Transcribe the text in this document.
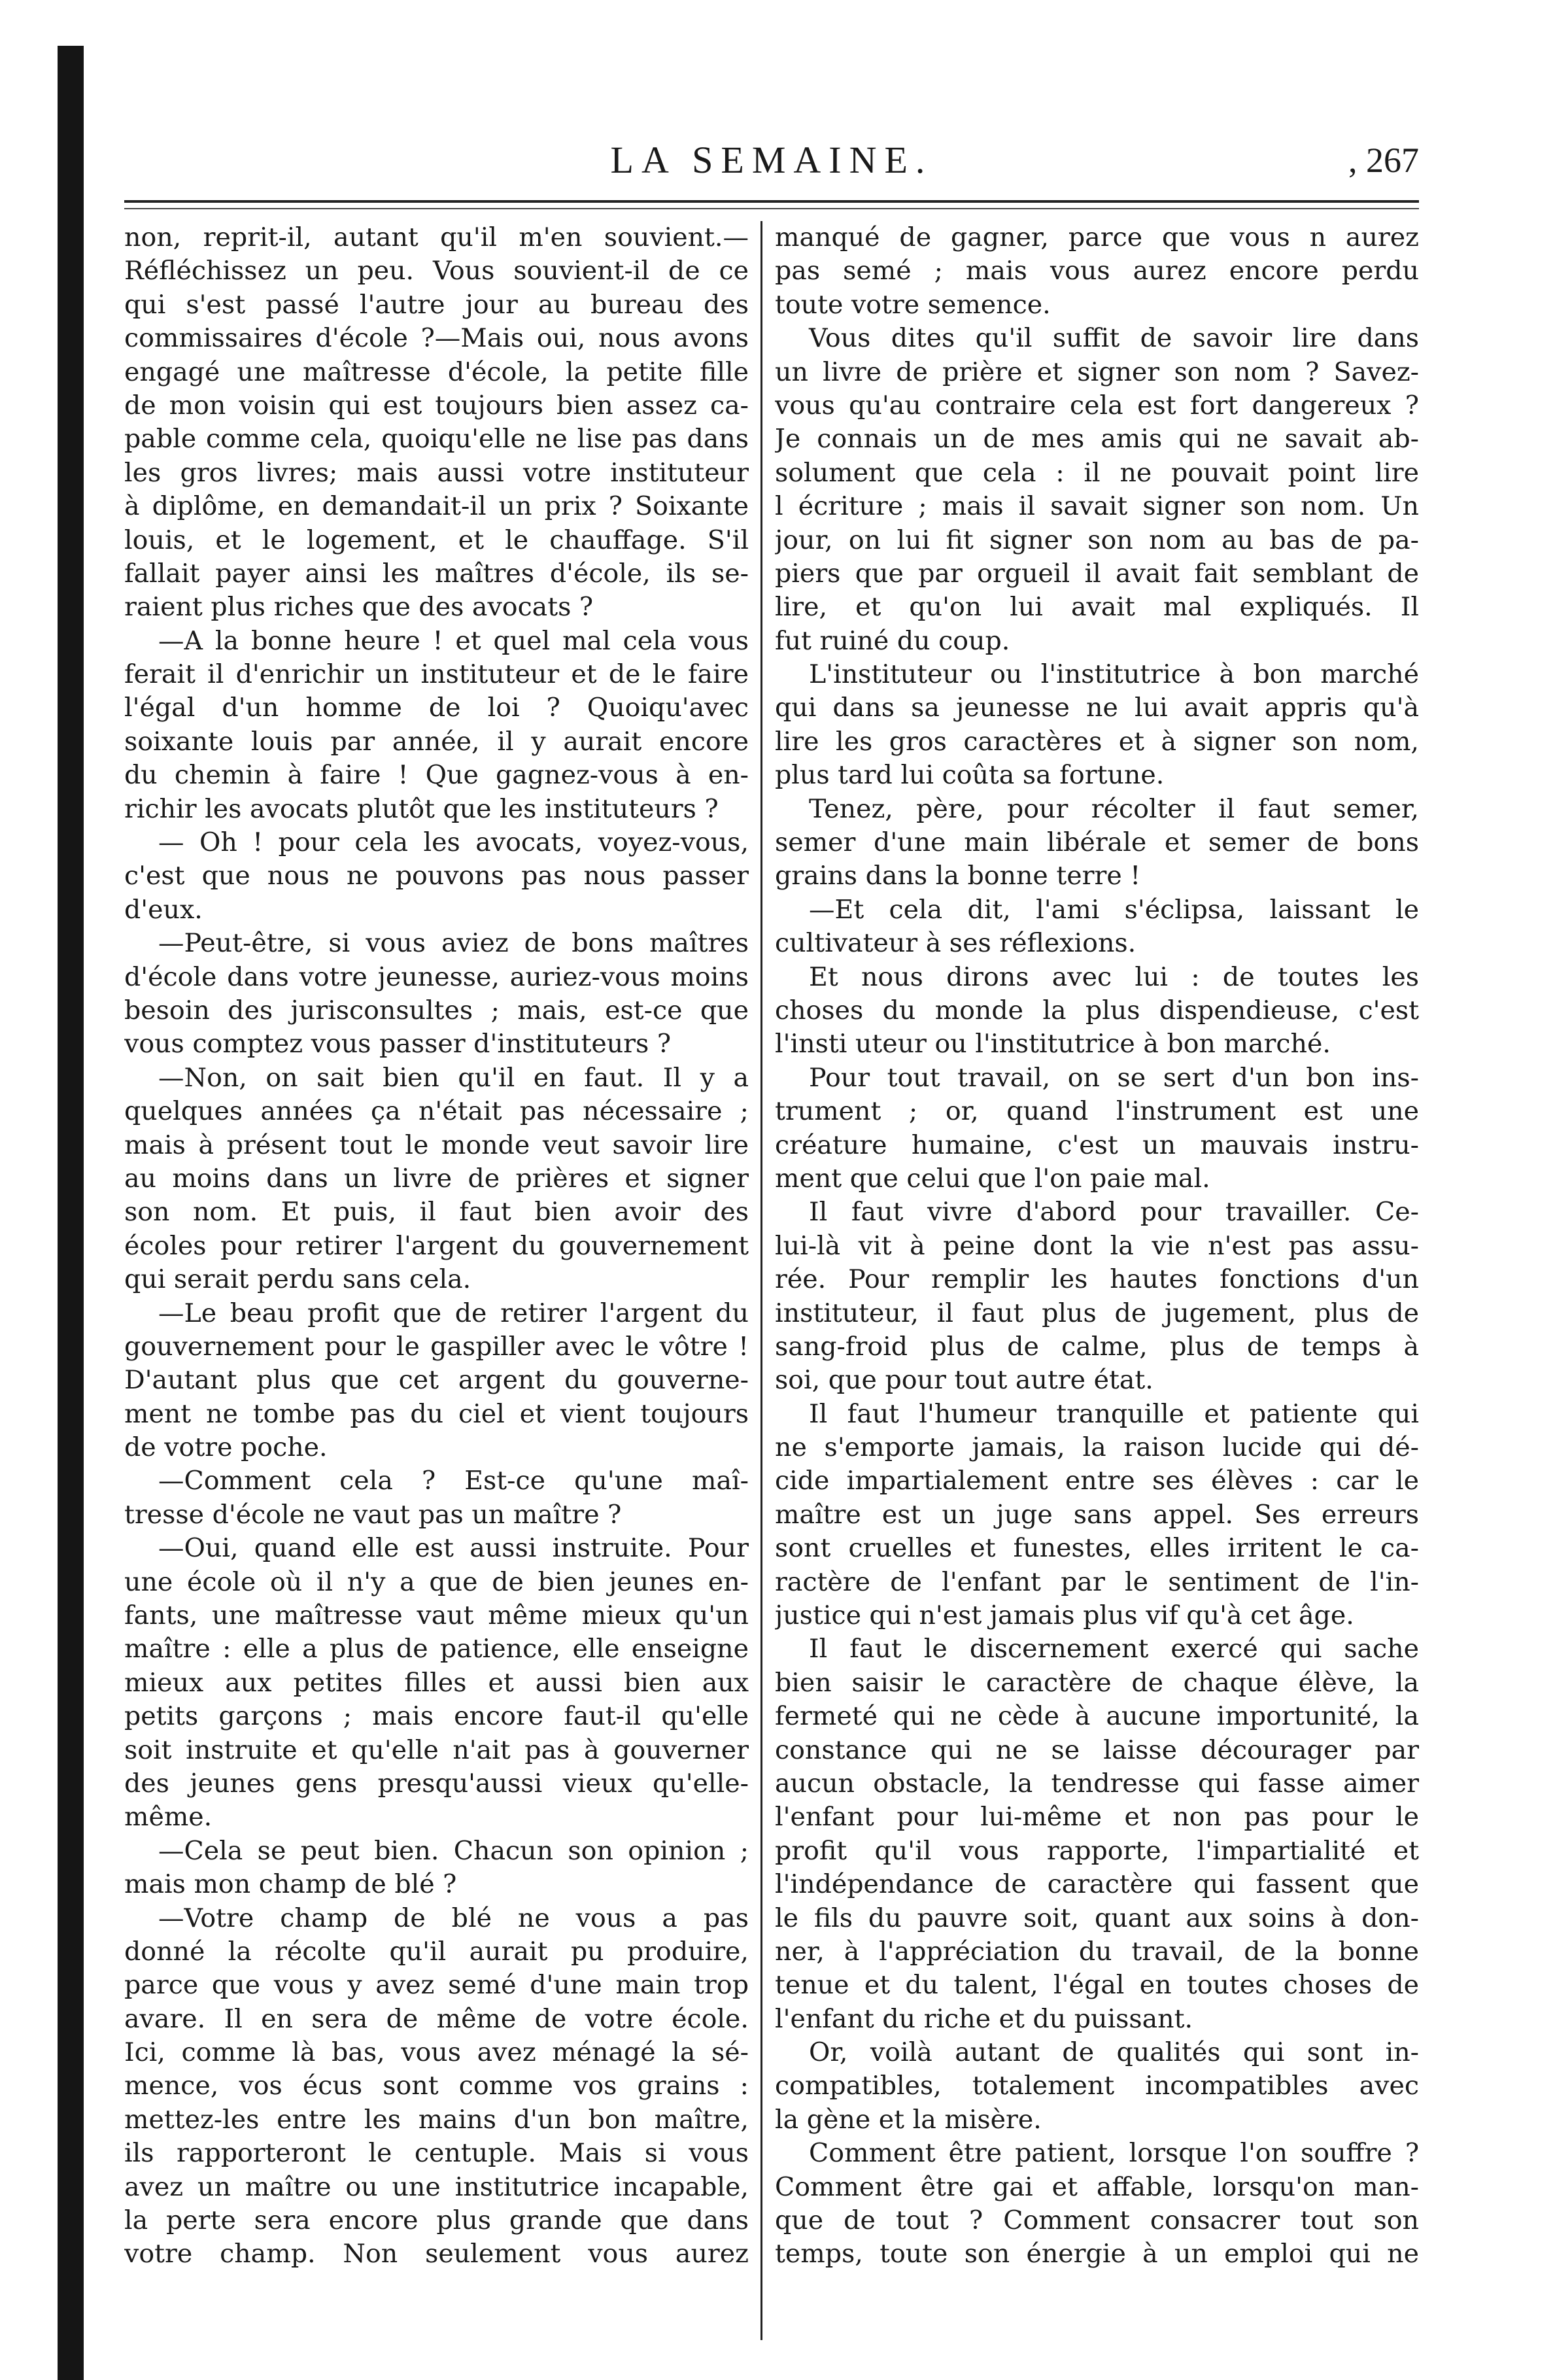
LA SEMAINE.	, 267
non, reprit-il, autant qu'il m'en souvient.—
Réfléchissez un peu. Vous souvient-il de ce
qui s'est passé l'autre jour au bureau des
commissaires d'école ?—Mais oui, nous avons
engagé une maîtresse d'école, la petite fille
de mon voisin qui est toujours bien assez ca-
pable comme cela, quoiqu'elle ne lise pas dans
les gros livres; mais aussi votre instituteur
à diplôme, en demandait-il un prix ? Soixante
louis, et le logement, et le chauffage. S'il
fallait payer ainsi les maîtres d'école, ils se-
raient plus riches que des avocats ?
—A la bonne heure ! et quel mal cela vous
ferait il d'enrichir un instituteur et de le faire
l'égal d'un homme de loi ? Quoiqu'avec
soixante louis par année, il y aurait encore
du chemin à faire ! Que gagnez-vous à en-
richir les avocats plutôt que les instituteurs ?
— Oh ! pour cela les avocats, voyez-vous,
c'est que nous ne pouvons pas nous passer
d'eux.
—Peut-être, si vous aviez de bons maîtres
d'école dans votre jeunesse, auriez-vous moins
besoin des jurisconsultes ; mais, est-ce que
vous comptez vous passer d'instituteurs ?
—Non, on sait bien qu'il en faut. Il y a
quelques années ça n'était pas nécessaire ;
mais à présent tout le monde veut savoir lire
au moins dans un livre de prières et signer
son nom. Et puis, il faut bien avoir des
écoles pour retirer l'argent du gouvernement
qui serait perdu sans cela.
—Le beau profit que de retirer l'argent du
gouvernement pour le gaspiller avec le vôtre !
D'autant plus que cet argent du gouverne-
ment ne tombe pas du ciel et vient toujours
de votre poche.
—Comment cela ? Est-ce qu'une maî-
tresse d'école ne vaut pas un maître ?
—Oui, quand elle est aussi instruite. Pour
une école où il n'y a que de bien jeunes en-
fants, une maîtresse vaut même mieux qu'un
maître : elle a plus de patience, elle enseigne
mieux aux petites filles et aussi bien aux
petits garçons ; mais encore faut-il qu'elle
soit instruite et qu'elle n'ait pas à gouverner
des jeunes gens presqu'aussi vieux qu'elle-
même.
—Cela se peut bien. Chacun son opinion ;
mais mon champ de blé ?
—Votre champ de blé ne vous a pas
donné la récolte qu'il aurait pu produire,
parce que vous y avez semé d'une main trop
avare. Il en sera de même de votre école.
Ici, comme là bas, vous avez ménagé la sé-
mence, vos écus sont comme vos grains :
mettez-les entre les mains d'un bon maître,
ils rapporteront le centuple. Mais si vous
avez un maître ou une institutrice incapable,
la perte sera encore plus grande que dans
votre champ. Non seulement vous aurez
manqué de gagner, parce que vous n aurez
pas semé ; mais vous aurez encore perdu
toute votre semence.
Vous dites qu'il suffit de savoir lire dans
un livre de prière et signer son nom ? Savez-
vous qu'au contraire cela est fort dangereux ?
Je connais un de mes amis qui ne savait ab-
solument que cela : il ne pouvait point lire
l écriture ; mais il savait signer son nom. Un
jour, on lui fit signer son nom au bas de pa-
piers que par orgueil il avait fait semblant de
lire, et qu'on lui avait mal expliqués. Il
fut ruiné du coup.
L'instituteur ou l'institutrice à bon marché
qui dans sa jeunesse ne lui avait appris qu'à
lire les gros caractères et à signer son nom,
plus tard lui coûta sa fortune.
Tenez, père, pour récolter il faut semer,
semer d'une main libérale et semer de bons
grains dans la bonne terre !
—Et cela dit, l'ami s'éclipsa, laissant le
cultivateur à ses réflexions.
Et nous dirons avec lui : de toutes les
choses du monde la plus dispendieuse, c'est
l'insti uteur ou l'institutrice à bon marché.
Pour tout travail, on se sert d'un bon ins-
trument ; or, quand l'instrument est une
créature humaine, c'est un mauvais instru-
ment que celui que l'on paie mal.
Il faut vivre d'abord pour travailler. Ce-
lui-là vit à peine dont la vie n'est pas assu-
rée. Pour remplir les hautes fonctions d'un
instituteur, il faut plus de jugement, plus de
sang-froid plus de calme, plus de temps à
soi, que pour tout autre état.
Il faut l'humeur tranquille et patiente qui
ne s'emporte jamais, la raison lucide qui dé-
cide impartialement entre ses élèves : car le
maître est un juge sans appel. Ses erreurs
sont cruelles et funestes, elles irritent le ca-
ractère de l'enfant par le sentiment de l'in-
justice qui n'est jamais plus vif qu'à cet âge.
Il faut le discernement exercé qui sache
bien saisir le caractère de chaque élève, la
fermeté qui ne cède à aucune importunité, la
constance qui ne se laisse décourager par
aucun obstacle, la tendresse qui fasse aimer
l'enfant pour lui-même et non pas pour le
profit qu'il vous rapporte, l'impartialité et
l'indépendance de caractère qui fassent que
le fils du pauvre soit, quant aux soins à don-
ner, à l'appréciation du travail, de la bonne
tenue et du talent, l'égal en toutes choses de
l'enfant du riche et du puissant.
Or, voilà autant de qualités qui sont in-
compatibles, totalement incompatibles avec
la gène et la misère.
Comment être patient, lorsque l'on souffre ?
Comment être gai et affable, lorsqu'on man-
que de tout ? Comment consacrer tout son
temps, toute son énergie à un emploi qui ne
